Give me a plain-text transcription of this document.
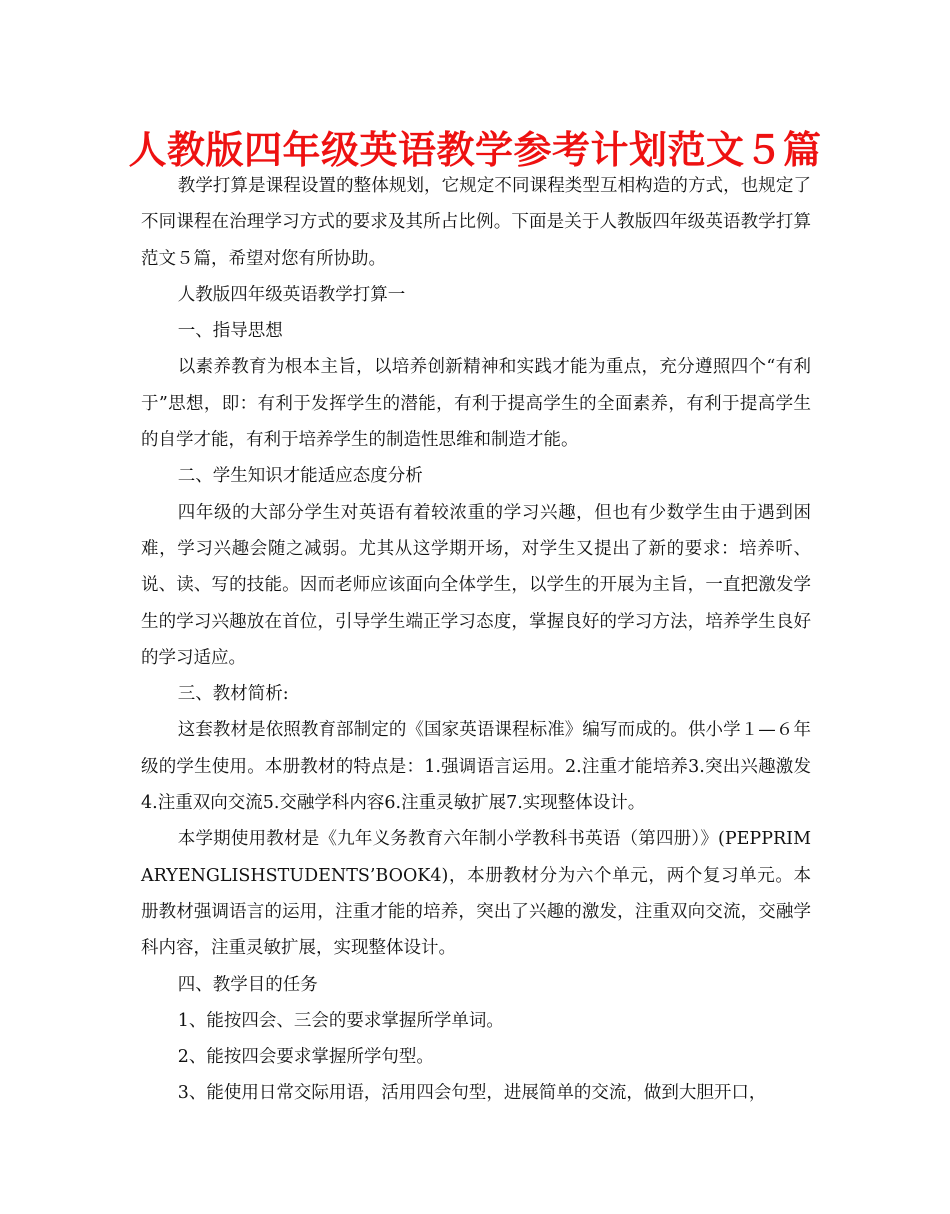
人教版四年级英语教学参考计划范文５篇

教学打算是课程设置的整体规划，它规定不同课程类型互相构造的方式，也规定了不同课程在治理学习方式的要求及其所占比例。下面是关于人教版四年级英语教学打算范文５篇，希望对您有所协助。

人教版四年级英语教学打算一

一、指导思想

以素养教育为根本主旨，以培养创新精神和实践才能为重点，充分遵照四个“有利于”思想，即：有利于发挥学生的潜能，有利于提高学生的全面素养，有利于提高学生的自学才能，有利于培养学生的制造性思维和制造才能。

二、学生知识才能适应态度分析

四年级的大部分学生对英语有着较浓重的学习兴趣，但也有少数学生由于遇到困难，学习兴趣会随之减弱。尤其从这学期开场，对学生又提出了新的要求：培养听、说、读、写的技能。因而老师应该面向全体学生，以学生的开展为主旨，一直把激发学生的学习兴趣放在首位，引导学生端正学习态度，掌握良好的学习方法，培养学生良好的学习适应。

三、教材简析:

这套教材是依照教育部制定的《国家英语课程标准》编写而成的。供小学１—６年级的学生使用。本册教材的特点是：1.强调语言运用。2.注重才能培养3.突出兴趣激发4.注重双向交流5.交融学科内容6.注重灵敏扩展7.实现整体设计。

本学期使用教材是《九年义务教育六年制小学教科书英语（第四册）》(PEPPRIMARYENGLISHSTUDENTS’BOOK4)，本册教材分为六个单元，两个复习单元。本册教材强调语言的运用，注重才能的培养，突出了兴趣的激发，注重双向交流，交融学科内容，注重灵敏扩展，实现整体设计。

四、教学目的任务

1、能按四会、三会的要求掌握所学单词。

2、能按四会要求掌握所学句型。

3、能使用日常交际用语，活用四会句型，进展简单的交流，做到大胆开口，
